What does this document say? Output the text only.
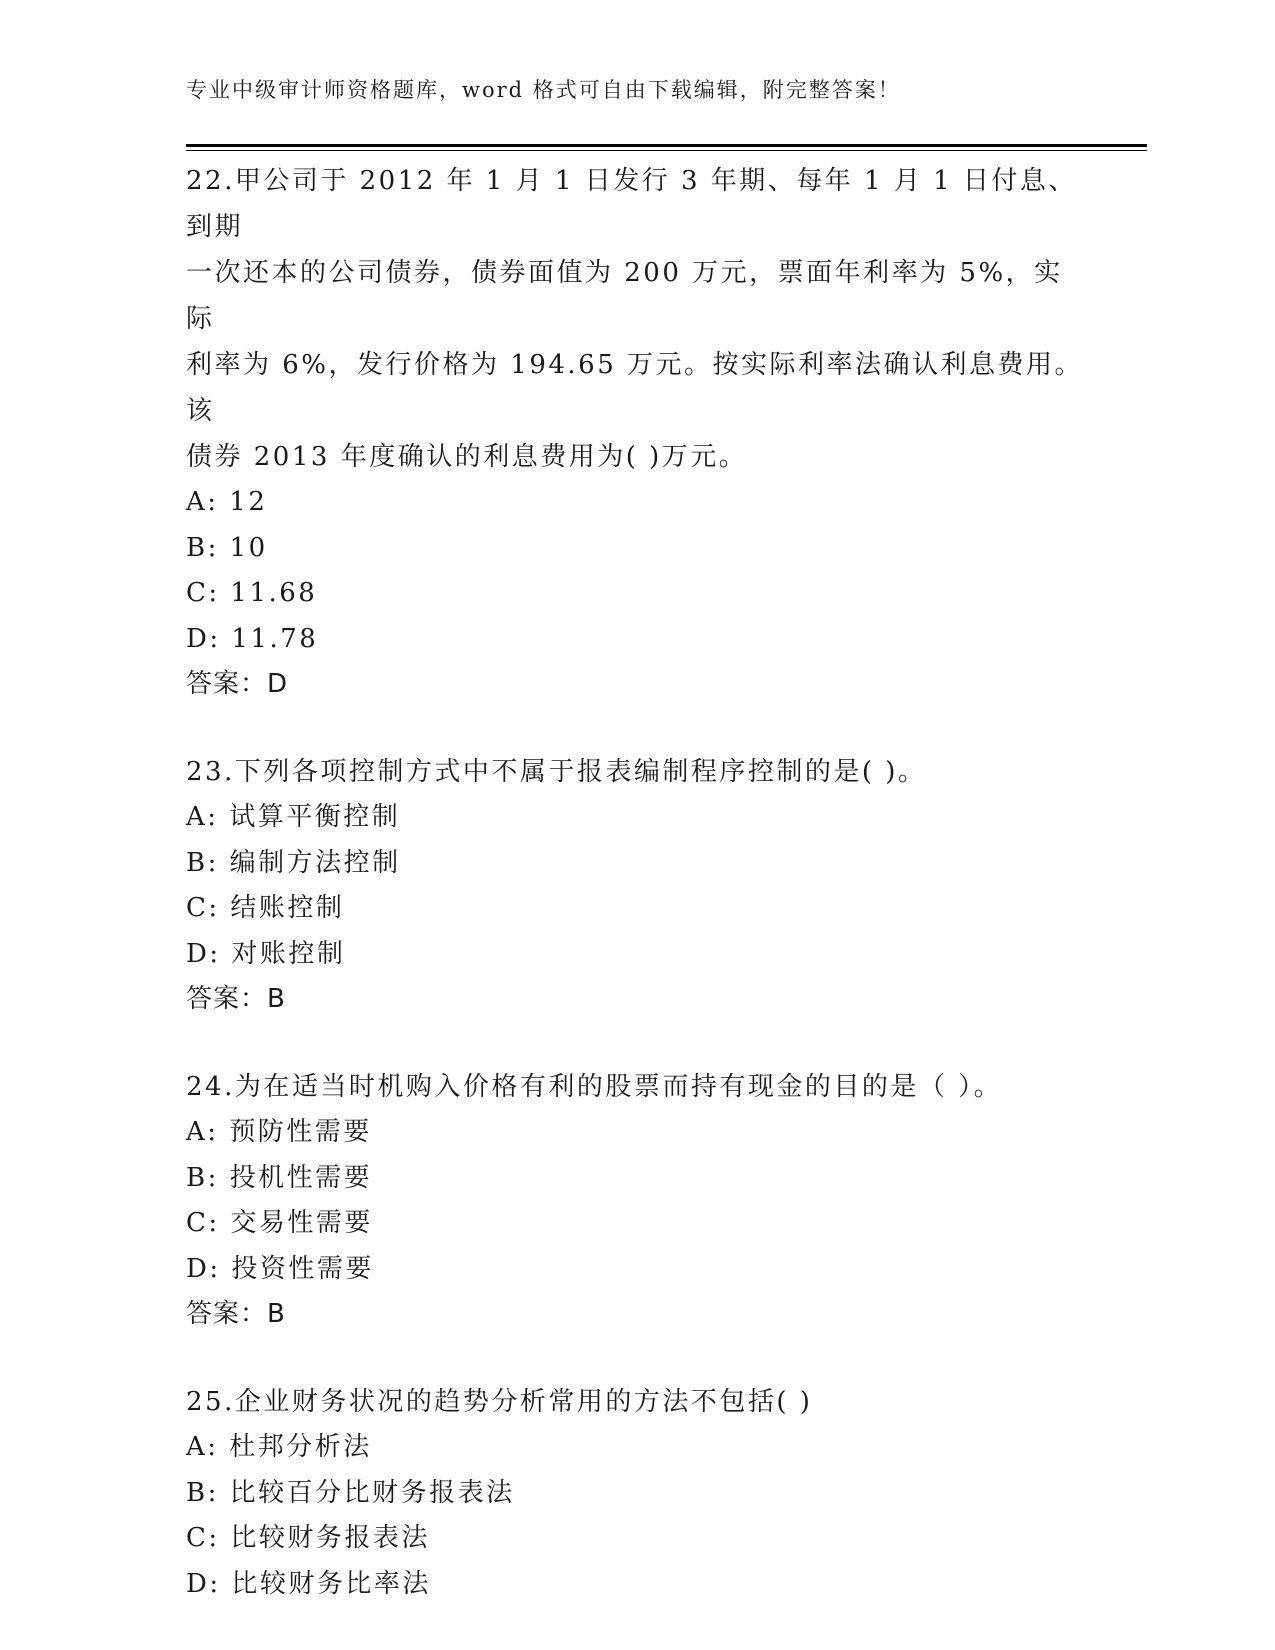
专业中级审计师资格题库，word 格式可自由下载编辑，附完整答案！
22.甲公司于 2012 年 1 月 1 日发行 3 年期、每年 1 月 1 日付息、到期
一次还本的公司债券，债券面值为 200 万元，票面年利率为 5%，实际
利率为 6%，发行价格为 194.65 万元。按实际利率法确认利息费用。该
债券 2013 年度确认的利息费用为( )万元。
A: 12
B: 10
C: 11.68
D: 11.78
答案：D
23.下列各项控制方式中不属于报表编制程序控制的是( )。
A: 试算平衡控制
B: 编制方法控制
C: 结账控制
D: 对账控制
答案：B
24.为在适当时机购入价格有利的股票而持有现金的目的是（ ）。
A: 预防性需要
B: 投机性需要
C: 交易性需要
D: 投资性需要
答案：B
25.企业财务状况的趋势分析常用的方法不包括( )
A: 杜邦分析法
B: 比较百分比财务报表法
C: 比较财务报表法
D: 比较财务比率法
